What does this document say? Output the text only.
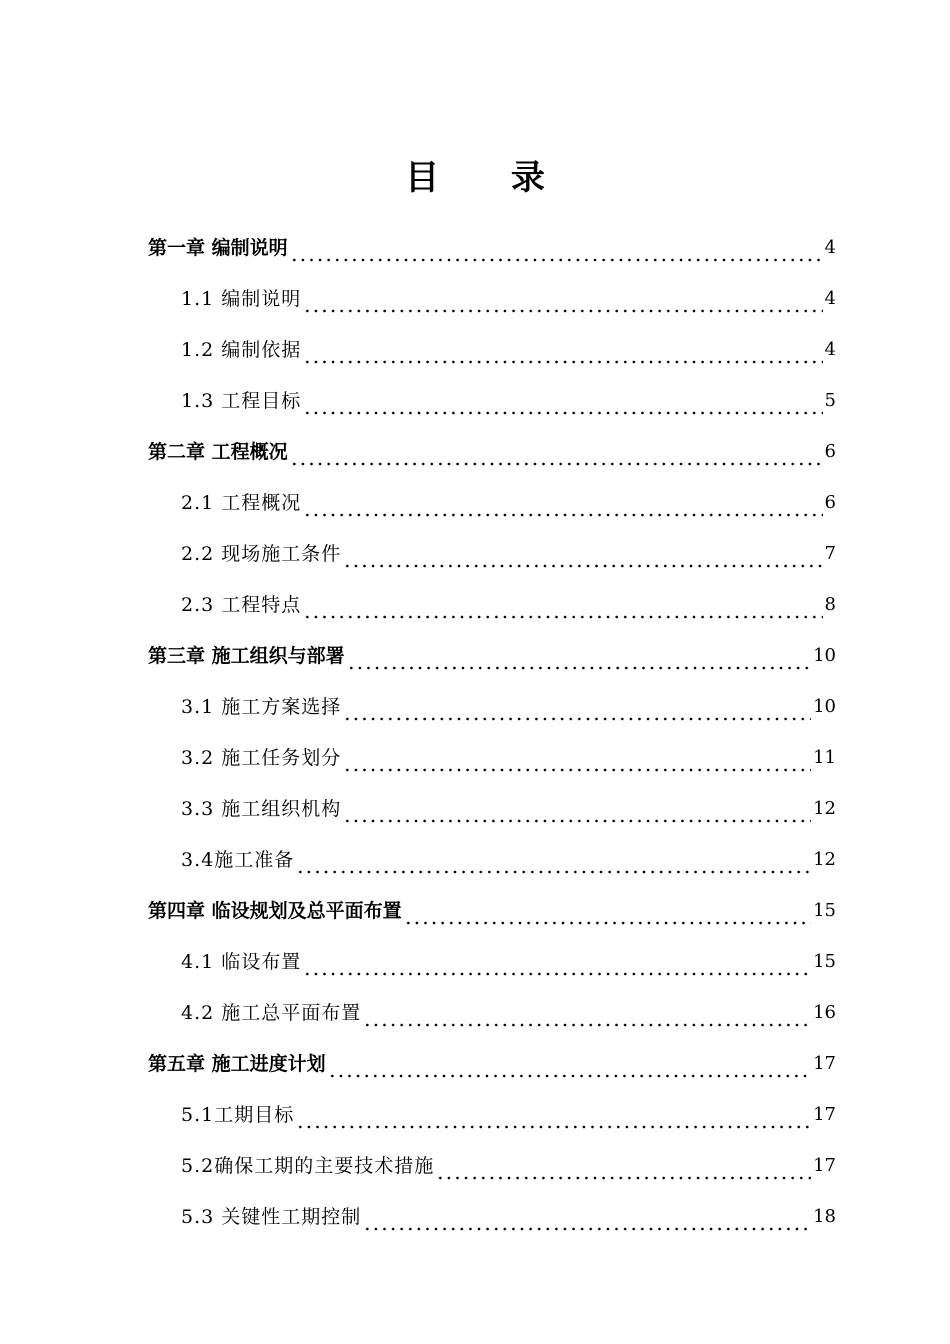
目 录
第一章 编制说明	4
1.1 编制说明	4
1.2 编制依据	4
1.3 工程目标	5
第二章 工程概况	6
2.1 工程概况	6
2.2 现场施工条件	7
2.3 工程特点	8
第三章 施工组织与部署	10
3.1 施工方案选择	10
3.2 施工任务划分	11
3.3 施工组织机构	12
3.4施工准备	12
第四章 临设规划及总平面布置	15
4.1 临设布置	15
4.2 施工总平面布置	16
第五章 施工进度计划	17
5.1工期目标	17
5.2确保工期的主要技术措施	17
5.3 关键性工期控制	18
